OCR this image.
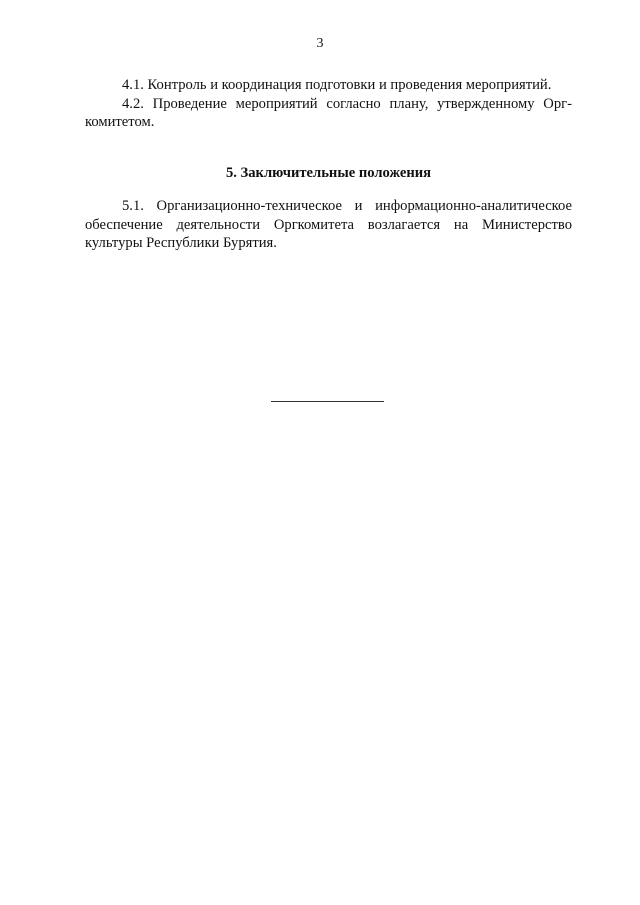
3

4.1. Контроль и координация подготовки и проведения мероприятий.

4.2. Проведение мероприятий согласно плану, утвержденному Орг-комитетом.

5. Заключительные положения

5.1. Организационно-техническое и информационно-аналитическое обеспечение деятельности Оргкомитета возлагается на Министерство культуры Республики Бурятия.
